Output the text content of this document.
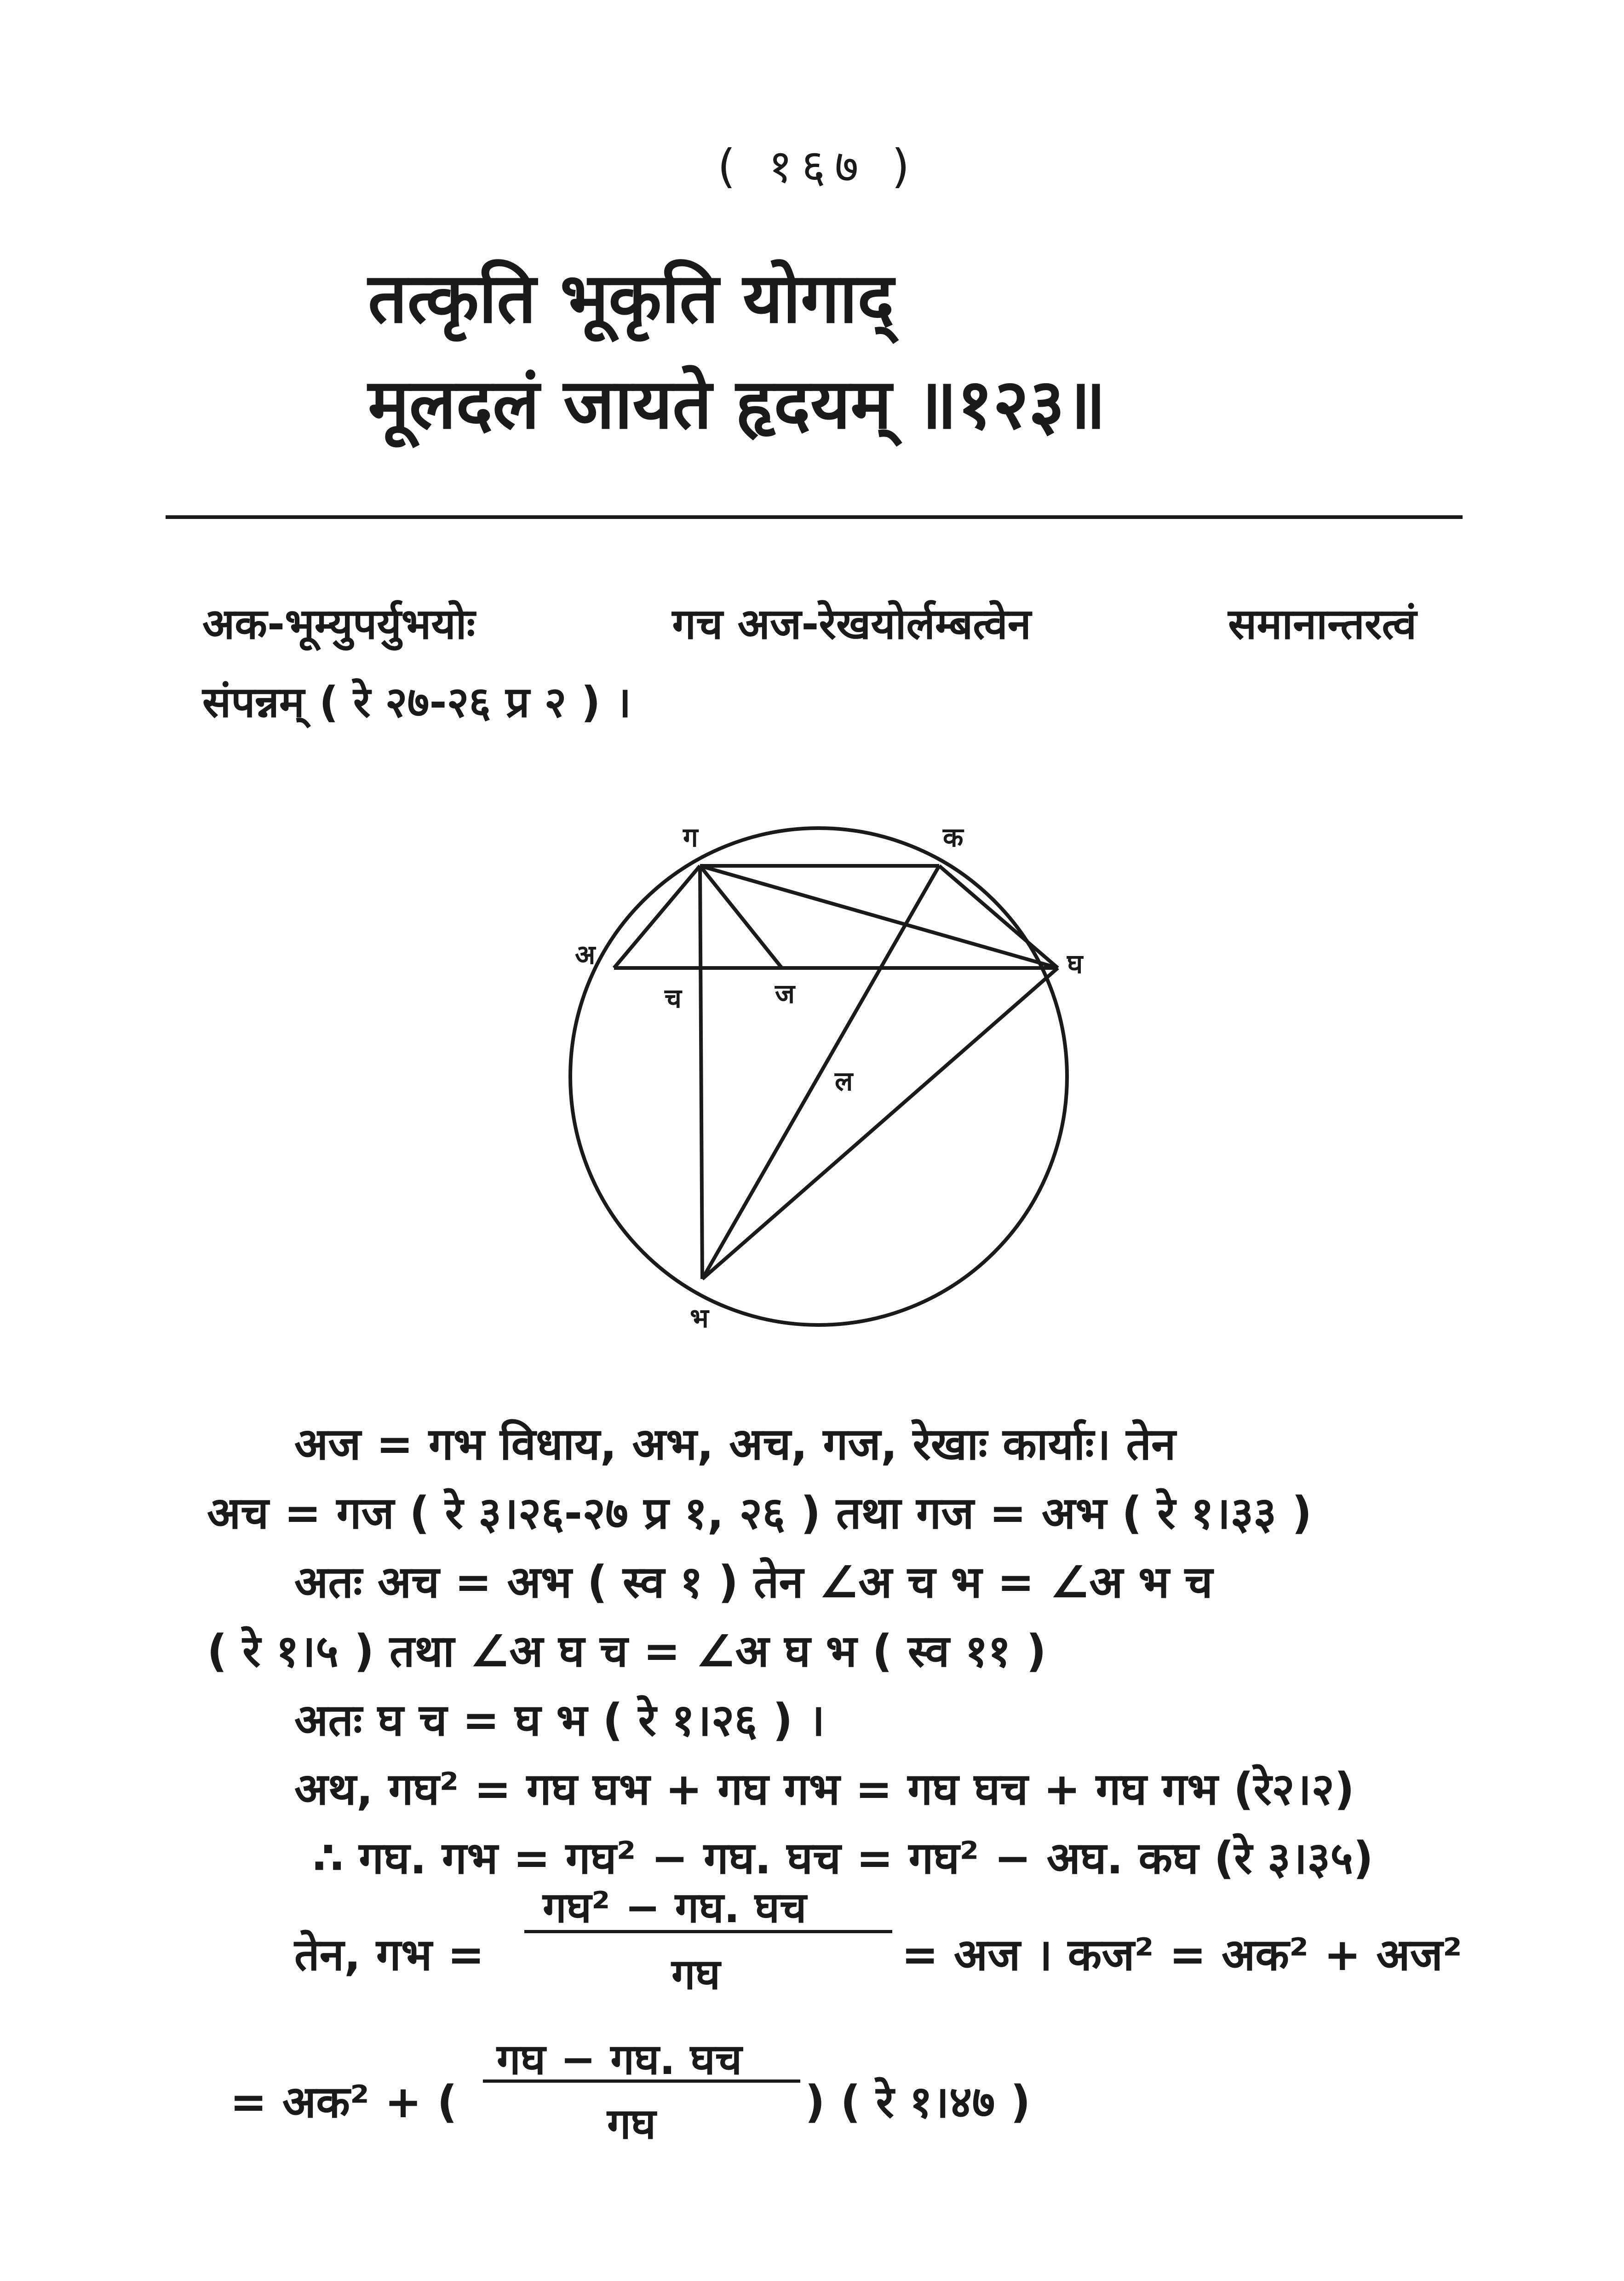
( १६७ )
तत्कृति भूकृति योगाद्
मूलदलं जायते हृदयम् ॥१२३॥
अक-भूम्युपर्युभयोः	गच अज-रेखयोर्लम्बत्वेन	समानान्तरत्वं
संपन्नम् ( रे २७-२६ प्र २ ) ।
ग	क
अ	घ
च	ज
ल
भ
अज = गभ विधाय, अभ, अच, गज, रेखाः कार्याः। तेन
अच = गज ( रे ३।२६-२७ प्र १, २६ ) तथा गज = अभ ( रे १।३३ )
अतः अच = अभ ( स्व १ ) तेन ∠अ च भ = ∠अ भ च
( रे १।५ ) तथा ∠अ घ च = ∠अ घ भ ( स्व ११ )
अतः घ च = घ भ ( रे १।२६ ) ।
अथ, गघ² = गघ घभ + गघ गभ = गघ घच + गघ गभ (रे२।२)
∴ गघ. गभ = गघ² − गघ. घच = गघ² − अघ. कघ (रे ३।३५)
तेन, गभ =
गघ² − गघ. घच
गघ	= अज । कज² = अक² + अज²
= अक² + (
गघ − गघ. घच
गघ	) ( रे १।४७ )
